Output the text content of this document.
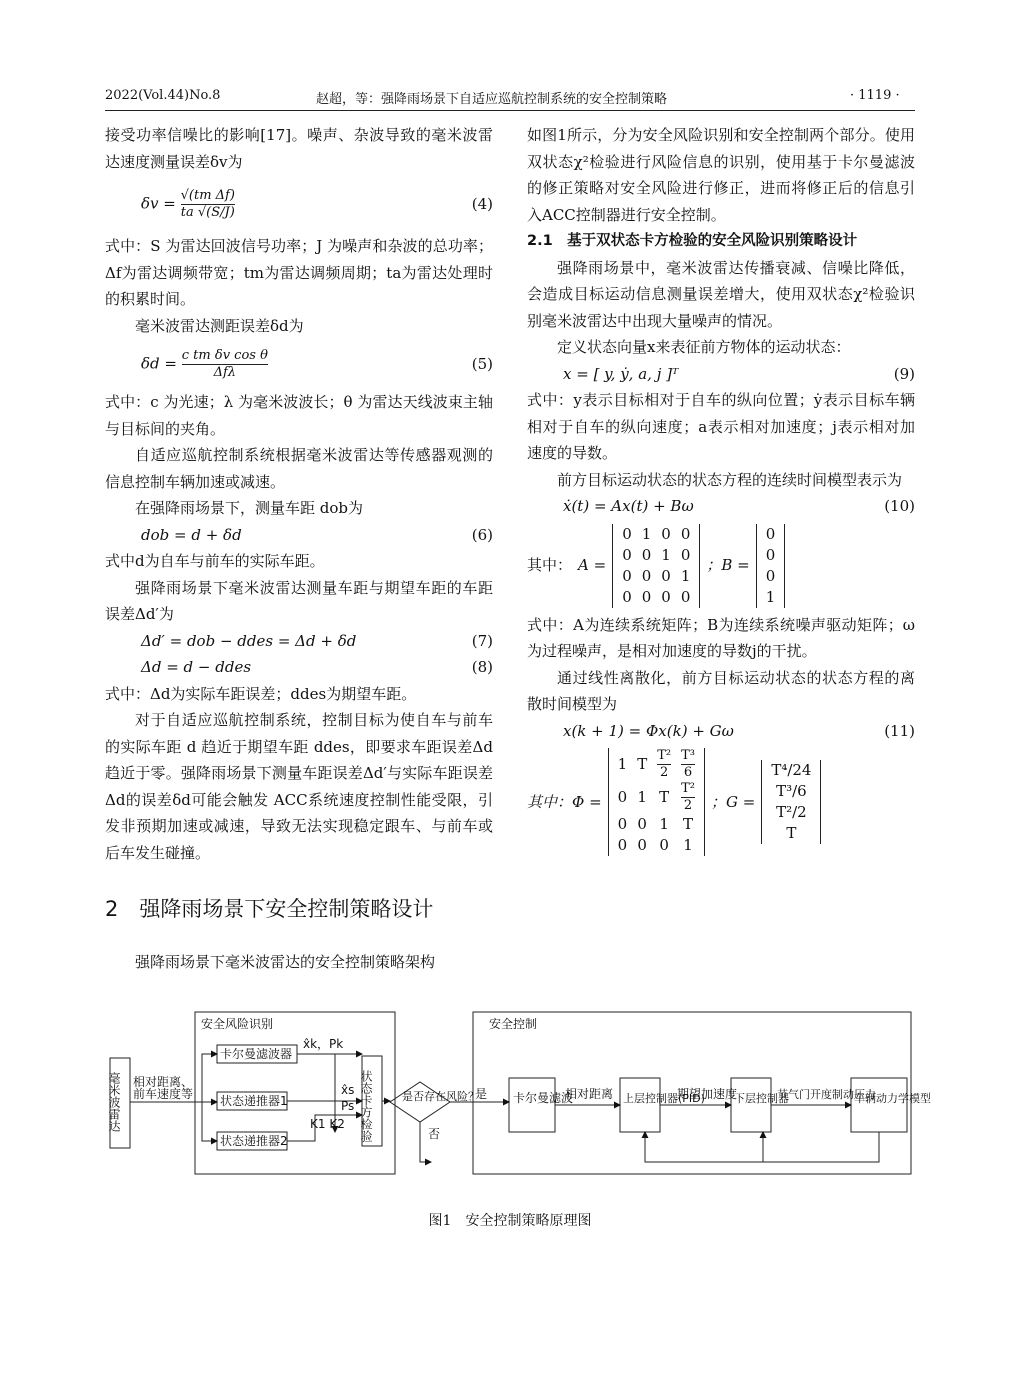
2022(Vol.44)No.8	赵超，等：强降雨场景下自适应巡航控制系统的安全控制策略	· 1119 ·

接受功率信噪比的影响[17]。噪声、杂波导致的毫米波雷达速度测量误差δv为

$\delta v = \frac{\text{√(tm Δf)}}{ta √(S/J)}$	(4)

式中：S 为雷达回波信号功率；J 为噪声和杂波的总功率；Δf为雷达调频带宽；tm为雷达调频周期；ta为雷达处理时的积累时间。

毫米波雷达测距误差δd为

$\delta d = \frac{\text{c tm δv cos θ}}{\text{Δfλ}}$	(5)

式中：c 为光速；λ 为毫米波波长；θ 为雷达天线波束主轴与目标间的夹角。

自适应巡航控制系统根据毫米波雷达等传感器观测的信息控制车辆加速或减速。

在强降雨场景下，测量车距 dob为

dob = d + δd	(6)

式中d为自车与前车的实际车距。

强降雨场景下毫米波雷达测量车距与期望车距的车距误差Δd′为

Δd′ = dob − ddes = Δd + δd	(7)
Δd = d − ddes	(8)

式中：Δd为实际车距误差；ddes为期望车距。

对于自适应巡航控制系统，控制目标为使自车与前车的实际车距 d 趋近于期望车距 ddes，即要求车距误差Δd趋近于零。强降雨场景下测量车距误差Δd′与实际车距误差Δd的误差δd可能会触发 ACC系统速度控制性能受限，引发非预期加速或减速，导致无法实现稳定跟车、与前车或后车发生碰撞。

2　强降雨场景下安全控制策略设计

强降雨场景下毫米波雷达的安全控制策略架构

如图1所示，分为安全风险识别和安全控制两个部分。使用双状态χ²检验进行风险信息的识别，使用基于卡尔曼滤波的修正策略对安全风险进行修正，进而将修正后的信息引入ACC控制器进行安全控制。

2.1　基于双状态卡方检验的安全风险识别策略设计

强降雨场景中，毫米波雷达传播衰减、信噪比降低，会造成目标运动信息测量误差增大，使用双状态χ²检验识别毫米波雷达中出现大量噪声的情况。

定义状态向量x来表征前方物体的运动状态：

x = [ y, ẏ, a, j ]ᵀ	(9)

式中：y表示目标相对于自车的纵向位置；ẏ表示目标车辆相对于自车的纵向速度；a表示相对加速度；j表示相对加速度的导数。

前方目标运动状态的状态方程的连续时间模型表示为

ẋ(t) = Ax(t) + Bω	(10)
其中： A =
0	1	0	0
0	0	1	0
0	0	0	1
0	0	0	0
；B =
0
0
0
1

式中：A为连续系统矩阵；B为连续系统噪声驱动矩阵；ω为过程噪声，是相对加速度的导数j的干扰。

通过线性离散化，前方目标运动状态的状态方程的离散时间模型为

x(k + 1) = Φx(k) + Gω	(11)
其中：Φ =
1	T	$\frac{\text{T²}}{2}$	$\frac{\text{T³}}{6}$

0	1	T	$\frac{\text{T²}}{2}$

0	0	1	T
0	0	0	1
；G =
T⁴/24
T³/6
T²/2
T
安全风险识别	安全控制
毫米波雷达 相对距离、
前车速度等
卡尔曼滤波器
状态递推器1
状态递推器2	状态卡方检验
x̂k，Pk
x̂s
Ps
K1 K2
是否存在风险？
是
否
卡尔曼滤波
相对距离 上层控制器(PID)
期望加速度
下层控制器
节气门开度制动压力
车辆动力学模型
图1　安全控制策略原理图
